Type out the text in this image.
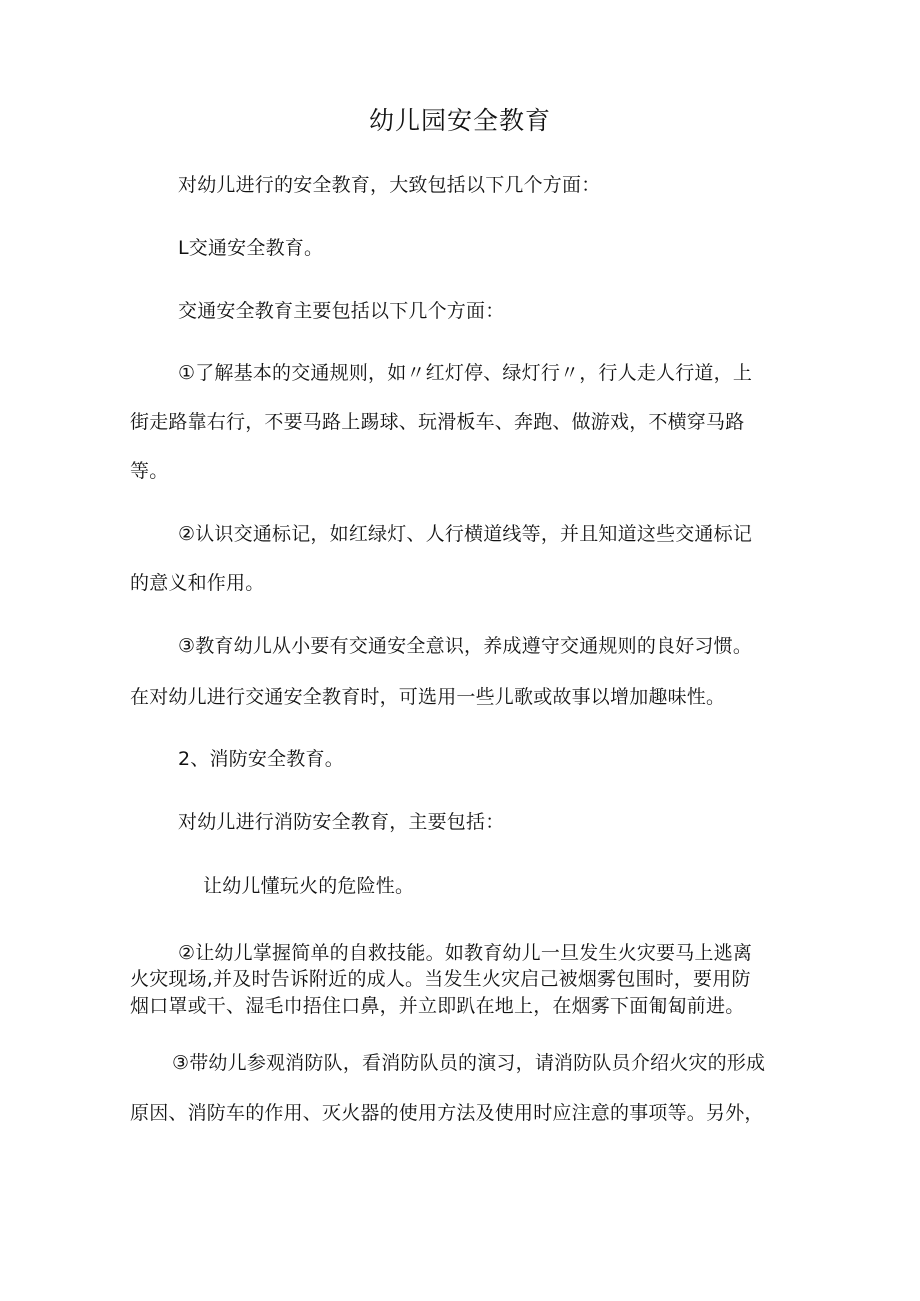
幼儿园安全教育
对幼儿进行的安全教育，大致包括以下几个方面：
L交通安全教育。
交通安全教育主要包括以下几个方面：
①了解基本的交通规则，如〃红灯停、绿灯行〃，行人走人行道，上
街走路靠右行，不要马路上踢球、玩滑板车、奔跑、做游戏，不横穿马路
等。
②认识交通标记，如红绿灯、人行横道线等，并且知道这些交通标记
的意义和作用。
③教育幼儿从小要有交通安全意识，养成遵守交通规则的良好习惯。
在对幼儿进行交通安全教育时，可选用一些儿歌或故事以增加趣味性。
2、消防安全教育。
对幼儿进行消防安全教育，主要包括：
让幼儿懂玩火的危险性。
②让幼儿掌握简单的自救技能。如教育幼儿一旦发生火灾要马上逃离
火灾现场,并及时告诉附近的成人。当发生火灾启己被烟雾包围时，要用防
烟口罩或干、湿毛巾捂住口鼻，并立即趴在地上，在烟雾下面匍匐前进。
③带幼儿参观消防队，看消防队员的演习，请消防队员介绍火灾的形成
原因、消防车的作用、灭火器的使用方法及使用时应注意的事项等。另外，
